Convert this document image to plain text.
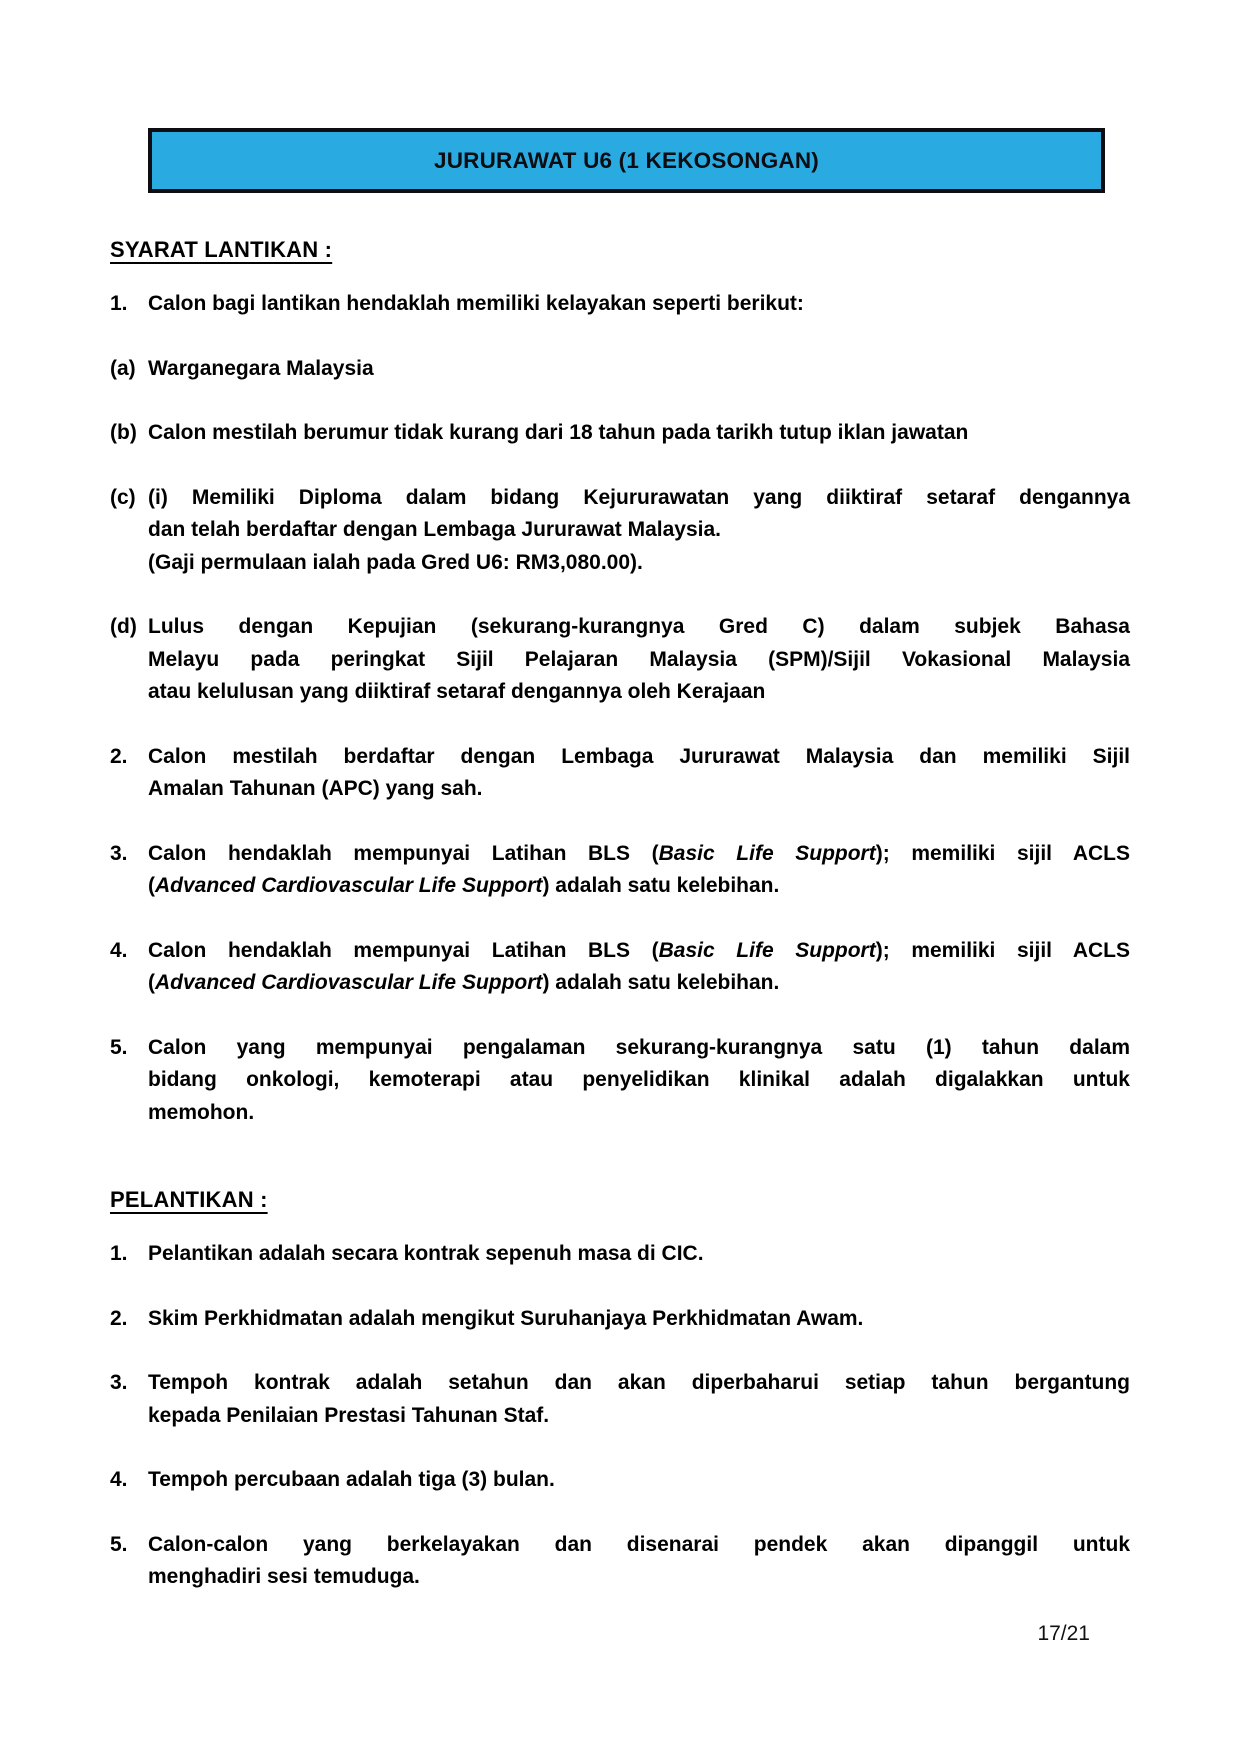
JURURAWAT U6 (1 KEKOSONGAN)
SYARAT LANTIKAN :
1. Calon bagi lantikan hendaklah memiliki kelayakan seperti berikut:
(a) Warganegara Malaysia
(b) Calon mestilah berumur tidak kurang dari 18 tahun pada tarikh tutup iklan jawatan
(c) (i) Memiliki Diploma dalam bidang Kejururawatan yang diiktiraf setaraf dengannya
dan telah berdaftar dengan Lembaga Jururawat Malaysia.
(Gaji permulaan ialah pada Gred U6: RM3,080.00).
(d) Lulus dengan Kepujian (sekurang-kurangnya Gred C) dalam subjek Bahasa
Melayu pada peringkat Sijil Pelajaran Malaysia (SPM)/Sijil Vokasional Malaysia
atau kelulusan yang diiktiraf setaraf dengannya oleh Kerajaan
2. Calon mestilah berdaftar dengan Lembaga Jururawat Malaysia dan memiliki Sijil
Amalan Tahunan (APC) yang sah.
3. Calon hendaklah mempunyai Latihan BLS (Basic Life Support); memiliki sijil ACLS
(Advanced Cardiovascular Life Support) adalah satu kelebihan.
4. Calon hendaklah mempunyai Latihan BLS (Basic Life Support); memiliki sijil ACLS
(Advanced Cardiovascular Life Support) adalah satu kelebihan.
5. Calon yang mempunyai pengalaman sekurang-kurangnya satu (1) tahun dalam
bidang onkologi, kemoterapi atau penyelidikan klinikal adalah digalakkan untuk
memohon.
PELANTIKAN :
1. Pelantikan adalah secara kontrak sepenuh masa di CIC.
2. Skim Perkhidmatan adalah mengikut Suruhanjaya Perkhidmatan Awam.
3. Tempoh kontrak adalah setahun dan akan diperbaharui setiap tahun bergantung
kepada Penilaian Prestasi Tahunan Staf.
4. Tempoh percubaan adalah tiga (3) bulan.
5. Calon-calon yang berkelayakan dan disenarai pendek akan dipanggil untuk
menghadiri sesi temuduga.
17/21
